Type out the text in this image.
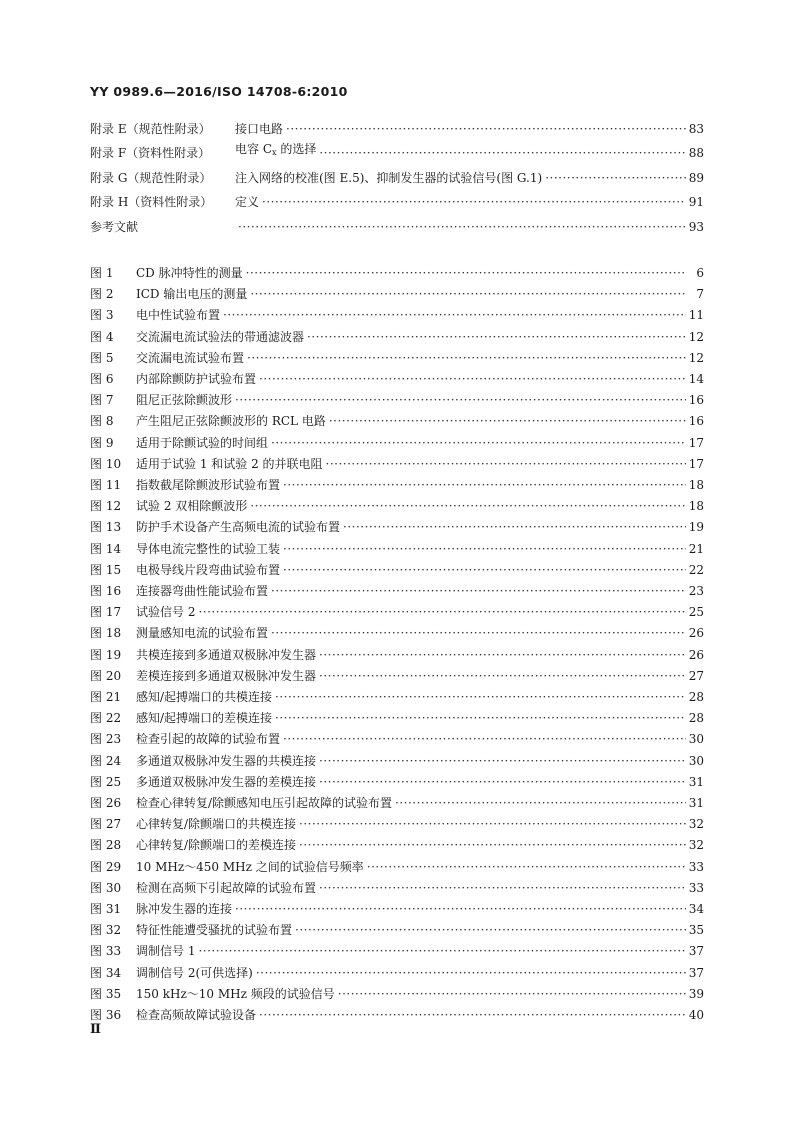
YY 0989.6—2016/ISO 14708-6:2010
附录 E（规范性附录）	接口电路 ·····	83
附录 F（资料性附录）	电容 $C_x$ 的选择 ·····	88
附录 G（规范性附录）	注入网络的校准(图 E.5)、抑制发生器的试验信号(图 G.1) ·····	89
附录 H（资料性附录）	定义 ·····	91
参考文献 ·····	93
图 1	CD 脉冲特性的测量 ·····	6
图 2	ICD 输出电压的测量 ·····	7
图 3	电中性试验布置 ·····	11
图 4	交流漏电流试验法的带通滤波器 ·····	12
图 5	交流漏电流试验布置 ·····	12
图 6	内部除颤防护试验布置 ·····	14
图 7	阻尼正弦除颤波形 ·····	16
图 8	产生阻尼正弦除颤波形的 RCL 电路 ·····	16
图 9	适用于除颤试验的时间组 ·····	17
图 10	适用于试验 1 和试验 2 的并联电阻 ·····	17
图 11	指数截尾除颤波形试验布置 ·····	18
图 12	试验 2 双相除颤波形 ·····	18
图 13	防护手术设备产生高频电流的试验布置 ·····	19
图 14	导体电流完整性的试验工装 ·····	21
图 15	电极导线片段弯曲试验布置 ·····	22
图 16	连接器弯曲性能试验布置 ·····	23
图 17	试验信号 2 ·····	25
图 18	测量感知电流的试验布置 ·····	26
图 19	共模连接到多通道双极脉冲发生器 ·····	26
图 20	差模连接到多通道双极脉冲发生器 ·····	27
图 21	感知/起搏端口的共模连接 ·····	28
图 22	感知/起搏端口的差模连接 ·····	28
图 23	检查引起的故障的试验布置 ·····	30
图 24	多通道双极脉冲发生器的共模连接 ·····	30
图 25	多通道双极脉冲发生器的差模连接 ·····	31
图 26	检查心律转复/除颤感知电压引起故障的试验布置 ·····	31
图 27	心律转复/除颤端口的共模连接 ·····	32
图 28	心律转复/除颤端口的差模连接 ·····	32
图 29	10 MHz～450 MHz 之间的试验信号频率 ·····	33
图 30	检测在高频下引起故障的试验布置 ·····	33
图 31	脉冲发生器的连接 ·····	34
图 32	特征性能遭受骚扰的试验布置 ·····	35
图 33	调制信号 1 ·····	37
图 34	调制信号 2(可供选择) ·····	37
图 35	150 kHz～10 MHz 频段的试验信号 ·····	39
图 36	检查高频故障试验设备 ·····	40
Ⅱ
